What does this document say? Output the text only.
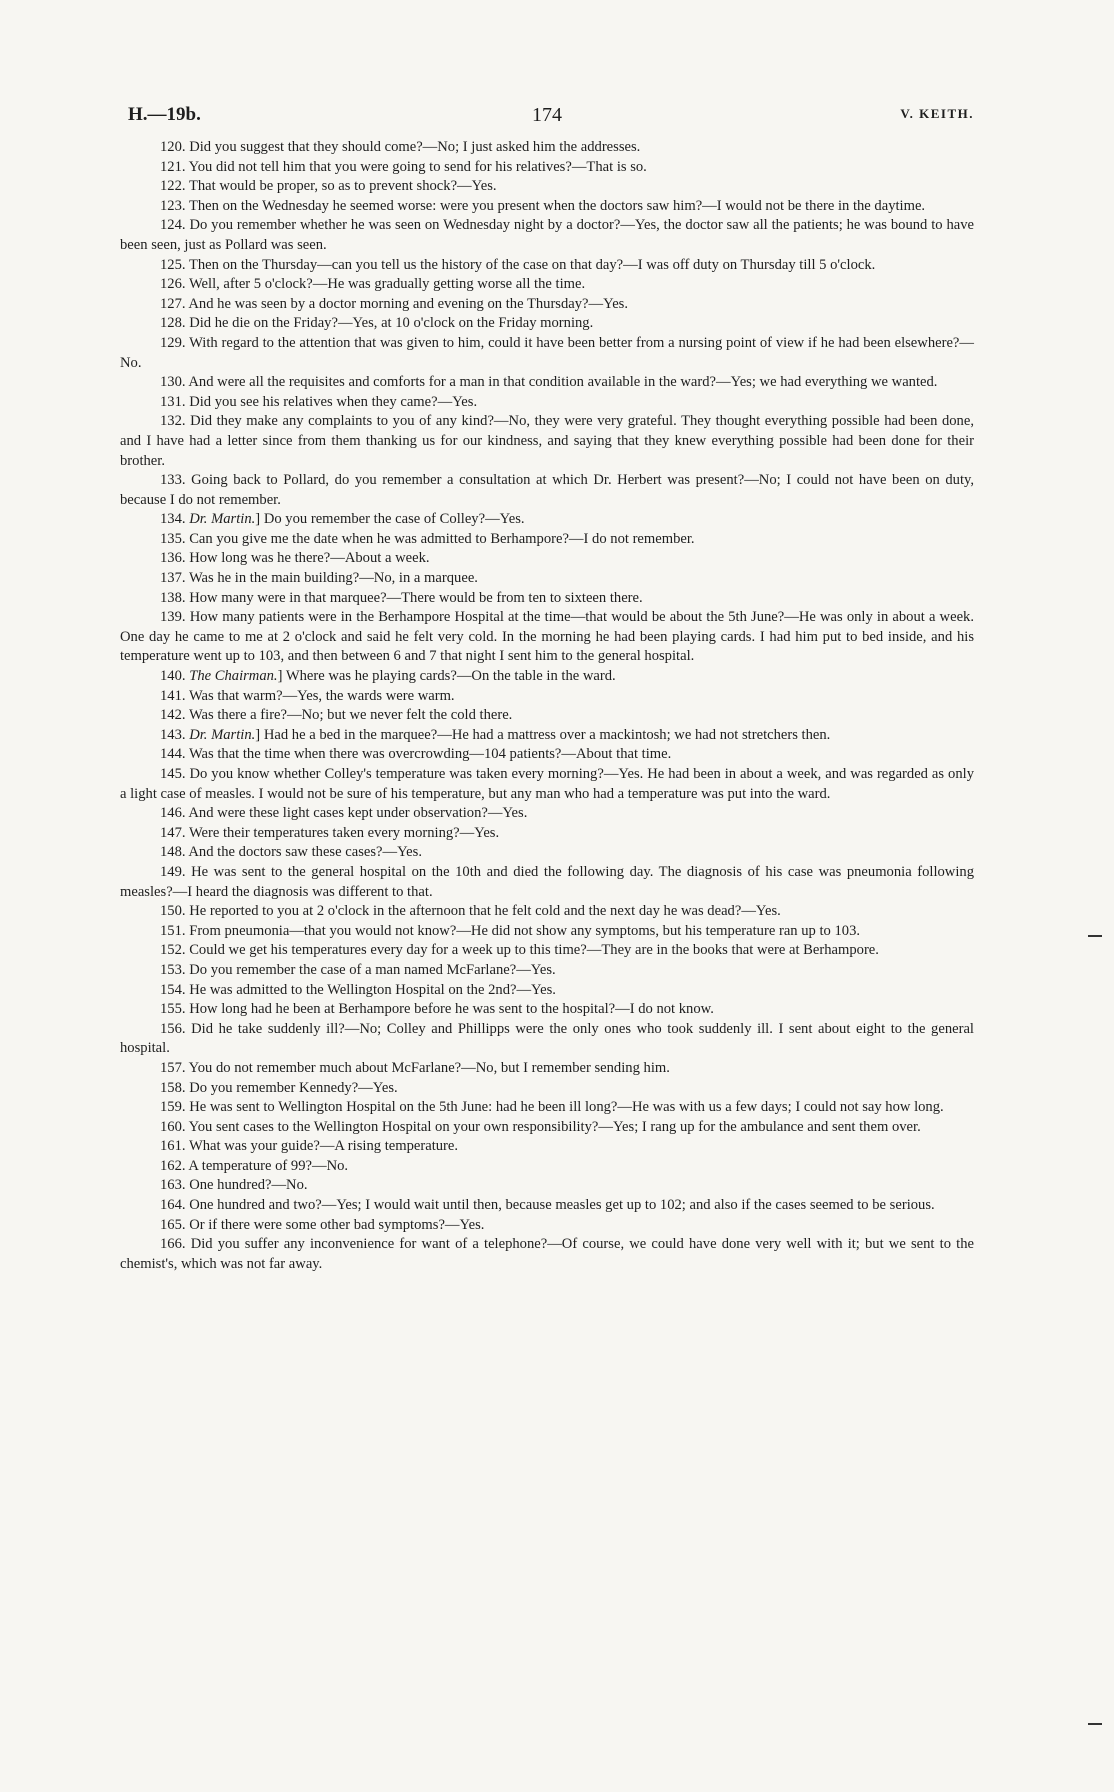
H.—19b.	174	V. KEITH.

120. Did you suggest that they should come?—No; I just asked him the addresses.

121. You did not tell him that you were going to send for his relatives?—That is so.

122. That would be proper, so as to prevent shock?—Yes.

123. Then on the Wednesday he seemed worse: were you present when the doctors saw him?—I would not be there in the daytime.

124. Do you remember whether he was seen on Wednesday night by a doctor?—Yes, the doctor saw all the patients; he was bound to have been seen, just as Pollard was seen.

125. Then on the Thursday—can you tell us the history of the case on that day?—I was off duty on Thursday till 5 o'clock.

126. Well, after 5 o'clock?—He was gradually getting worse all the time.

127. And he was seen by a doctor morning and evening on the Thursday?—Yes.

128. Did he die on the Friday?—Yes, at 10 o'clock on the Friday morning.

129. With regard to the attention that was given to him, could it have been better from a nursing point of view if he had been elsewhere?—No.

130. And were all the requisites and comforts for a man in that condition available in the ward?—Yes; we had everything we wanted.

131. Did you see his relatives when they came?—Yes.

132. Did they make any complaints to you of any kind?—No, they were very grateful. They thought everything possible had been done, and I have had a letter since from them thanking us for our kindness, and saying that they knew everything possible had been done for their brother.

133. Going back to Pollard, do you remember a consultation at which Dr. Herbert was present?—No; I could not have been on duty, because I do not remember.

134. Dr. Martin.] Do you remember the case of Colley?—Yes.

135. Can you give me the date when he was admitted to Berhampore?—I do not remember.

136. How long was he there?—About a week.

137. Was he in the main building?—No, in a marquee.

138. How many were in that marquee?—There would be from ten to sixteen there.

139. How many patients were in the Berhampore Hospital at the time—that would be about the 5th June?—He was only in about a week. One day he came to me at 2 o'clock and said he felt very cold. In the morning he had been playing cards. I had him put to bed inside, and his temperature went up to 103, and then between 6 and 7 that night I sent him to the general hospital.

140. The Chairman.] Where was he playing cards?—On the table in the ward.

141. Was that warm?—Yes, the wards were warm.

142. Was there a fire?—No; but we never felt the cold there.

143. Dr. Martin.] Had he a bed in the marquee?—He had a mattress over a mackintosh; we had not stretchers then.

144. Was that the time when there was overcrowding—104 patients?—About that time.

145. Do you know whether Colley's temperature was taken every morning?—Yes. He had been in about a week, and was regarded as only a light case of measles. I would not be sure of his temperature, but any man who had a temperature was put into the ward.

146. And were these light cases kept under observation?—Yes.

147. Were their temperatures taken every morning?—Yes.

148. And the doctors saw these cases?—Yes.

149. He was sent to the general hospital on the 10th and died the following day. The diagnosis of his case was pneumonia following measles?—I heard the diagnosis was different to that.

150. He reported to you at 2 o'clock in the afternoon that he felt cold and the next day he was dead?—Yes.

151. From pneumonia—that you would not know?—He did not show any symptoms, but his temperature ran up to 103.

152. Could we get his temperatures every day for a week up to this time?—They are in the books that were at Berhampore.

153. Do you remember the case of a man named McFarlane?—Yes.

154. He was admitted to the Wellington Hospital on the 2nd?—Yes.

155. How long had he been at Berhampore before he was sent to the hospital?—I do not know.

156. Did he take suddenly ill?—No; Colley and Phillipps were the only ones who took suddenly ill. I sent about eight to the general hospital.

157. You do not remember much about McFarlane?—No, but I remember sending him.

158. Do you remember Kennedy?—Yes.

159. He was sent to Wellington Hospital on the 5th June: had he been ill long?—He was with us a few days; I could not say how long.

160. You sent cases to the Wellington Hospital on your own responsibility?—Yes; I rang up for the ambulance and sent them over.

161. What was your guide?—A rising temperature.

162. A temperature of 99?—No.

163. One hundred?—No.

164. One hundred and two?—Yes; I would wait until then, because measles get up to 102; and also if the cases seemed to be serious.

165. Or if there were some other bad symptoms?—Yes.

166. Did you suffer any inconvenience for want of a telephone?—Of course, we could have done very well with it; but we sent to the chemist's, which was not far away.
